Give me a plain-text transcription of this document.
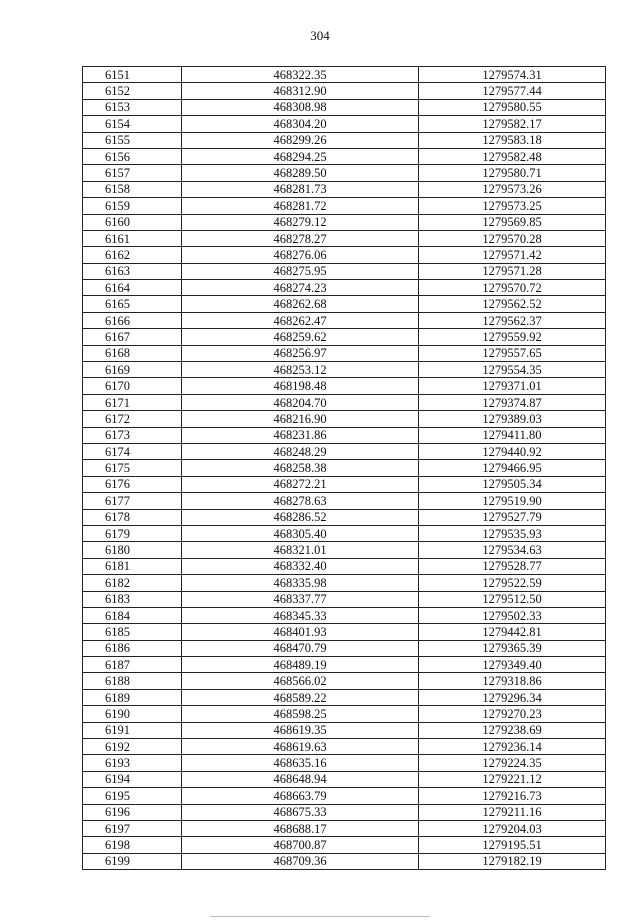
304
6151	468322.35	1279574.31
6152	468312.90	1279577.44
6153	468308.98	1279580.55
6154	468304.20	1279582.17
6155	468299.26	1279583.18
6156	468294.25	1279582.48
6157	468289.50	1279580.71
6158	468281.73	1279573.26
6159	468281.72	1279573.25
6160	468279.12	1279569.85
6161	468278.27	1279570.28
6162	468276.06	1279571.42
6163	468275.95	1279571.28
6164	468274.23	1279570.72
6165	468262.68	1279562.52
6166	468262.47	1279562.37
6167	468259.62	1279559.92
6168	468256.97	1279557.65
6169	468253.12	1279554.35
6170	468198.48	1279371.01
6171	468204.70	1279374.87
6172	468216.90	1279389.03
6173	468231.86	1279411.80
6174	468248.29	1279440.92
6175	468258.38	1279466.95
6176	468272.21	1279505.34
6177	468278.63	1279519.90
6178	468286.52	1279527.79
6179	468305.40	1279535.93
6180	468321.01	1279534.63
6181	468332.40	1279528.77
6182	468335.98	1279522.59
6183	468337.77	1279512.50
6184	468345.33	1279502.33
6185	468401.93	1279442.81
6186	468470.79	1279365.39
6187	468489.19	1279349.40
6188	468566.02	1279318.86
6189	468589.22	1279296.34
6190	468598.25	1279270.23
6191	468619.35	1279238.69
6192	468619.63	1279236.14
6193	468635.16	1279224.35
6194	468648.94	1279221.12
6195	468663.79	1279216.73
6196	468675.33	1279211.16
6197	468688.17	1279204.03
6198	468700.87	1279195.51
6199	468709.36	1279182.19
